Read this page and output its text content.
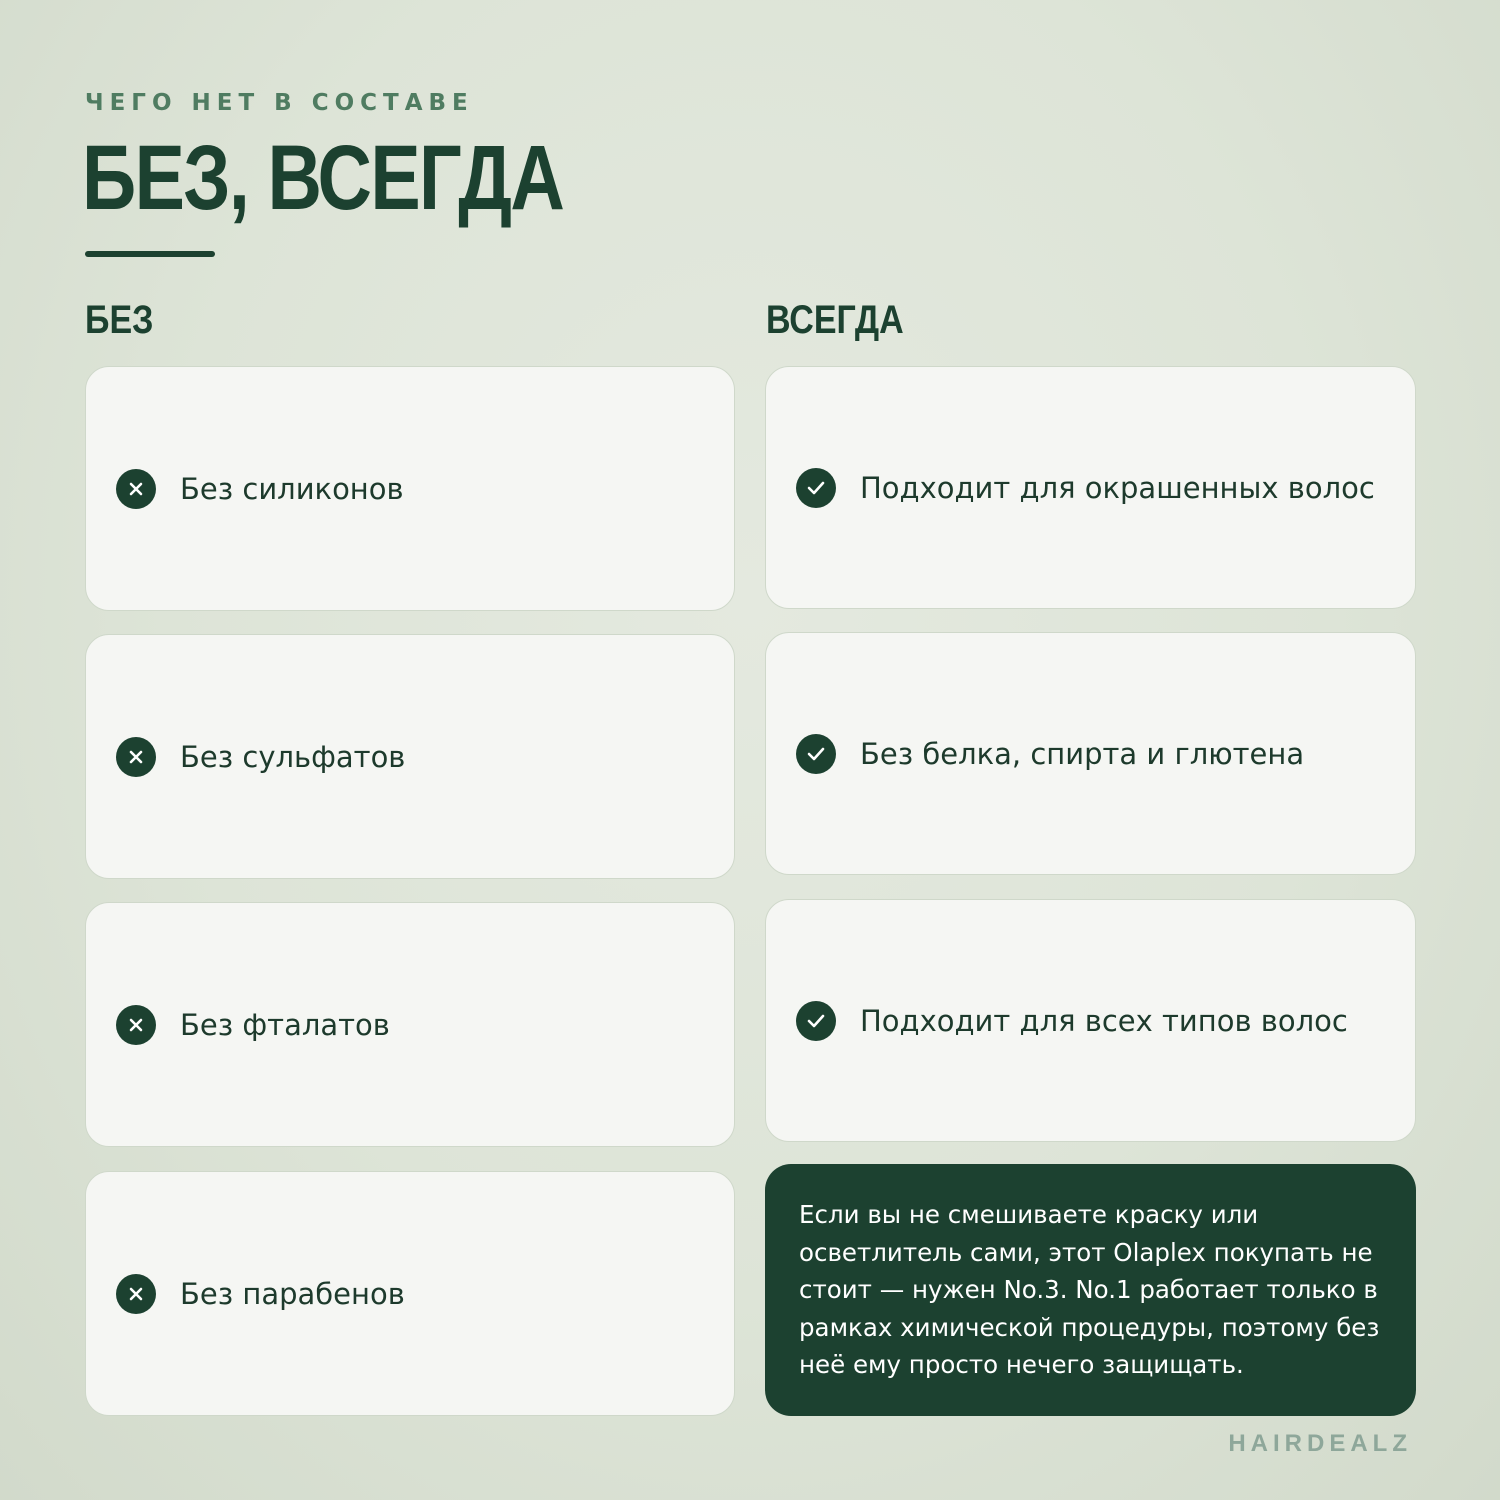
ЧЕГО НЕТ В СОСТАВЕ
БЕЗ, ВСЕГДА
БЕЗ	ВСЕГДА
Без силиконов
Без сульфатов
Без фталатов
Без парабенов
Подходит для окрашенных волос
Без белка, спирта и глютена
Подходит для всех типов волос
Если вы не смешиваете краску или
осветлитель сами, этот Olaplex покупать не
стоит — нужен No.3. No.1 работает только в
рамках химической процедуры, поэтому без
неё ему просто нечего защищать.
HAIRDEALZ
